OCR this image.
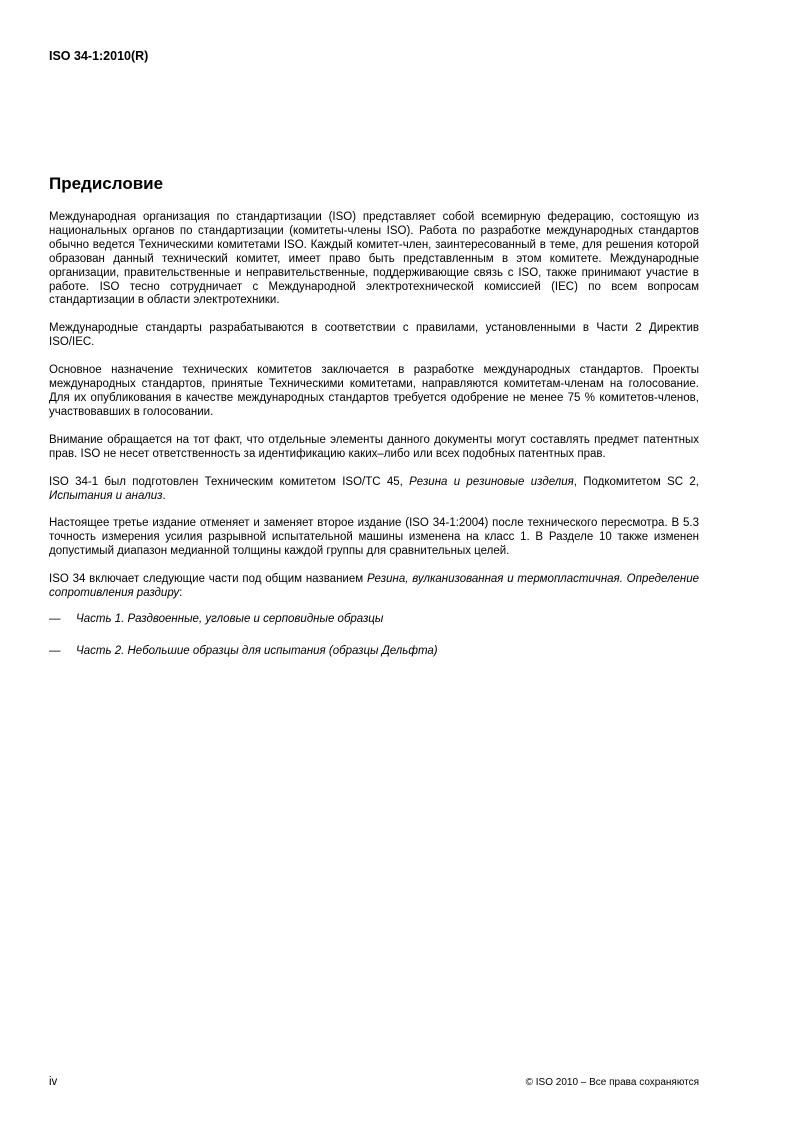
ISO 34-1:2010(R)
Предисловие

Международная организация по стандартизации (ISO) представляет собой всемирную федерацию, состоящую из национальных органов по стандартизации (комитеты-члены ISO). Работа по разработке международных стандартов обычно ведется Техническими комитетами ISO. Каждый комитет-член, заинтересованный в теме, для решения которой образован данный технический комитет, имеет право быть представленным в этом комитете. Международные организации, правительственные и неправительственные, поддерживающие связь с ISO, также принимают участие в работе. ISO тесно сотрудничает с Международной электротехнической комиссией (IEC) по всем вопросам стандартизации в области электротехники.

Международные стандарты разрабатываются в соответствии с правилами, установленными в Части 2 Директив ISO/IEC.

Основное назначение технических комитетов заключается в разработке международных стандартов. Проекты международных стандартов, принятые Техническими комитетами, направляются комитетам-членам на голосование. Для их опубликования в качестве международных стандартов требуется одобрение не менее 75 % комитетов-членов, участвовавших в голосовании.

Внимание обращается на тот факт, что отдельные элементы данного документы могут составлять предмет патентных прав. ISO не несет ответственность за идентификацию каких–либо или всех подобных патентных прав.

ISO 34-1 был подготовлен Техническим комитетом ISO/TC 45, Резина и резиновые изделия, Подкомитетом SC 2, Испытания и анализ.

Настоящее третье издание отменяет и заменяет второе издание (ISO 34-1:2004) после технического пересмотра. В 5.3 точность измерения усилия разрывной испытательной машины изменена на класс 1. В Разделе 10 также изменен допустимый диапазон медианной толщины каждой группы для сравнительных целей.

ISO 34 включает следующие части под общим названием Резина, вулканизованная и термопластичная. Определение сопротивления раздиру:

— Часть 1. Раздвоенные, угловые и серповидные образцы
— Часть 2. Небольшие образцы для испытания (образцы Дельфта)
iv	© ISO 2010 – Все права сохраняются
